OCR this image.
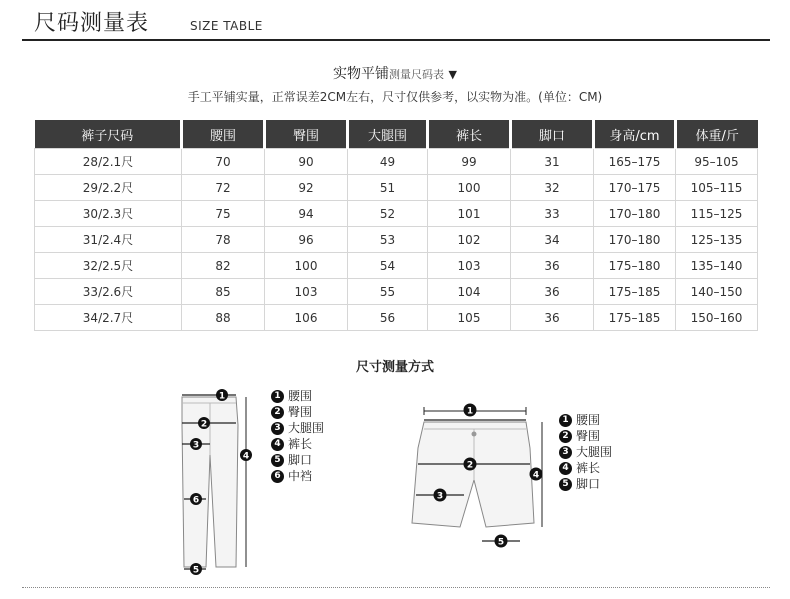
尺码测量表	SIZE TABLE
实物平铺测量尺码表 ▼
手工平铺实量，正常误差2CM左右，尺寸仅供参考，以实物为准。(单位：CM)
裤子尺码	腰围	臀围	大腿围	裤长	脚口	身高/cm	体重/斤
28/2.1尺	70	90	49	99	31	165–175	95–105
29/2.2尺	72	92	51	100	32	170–175	105–115
30/2.3尺	75	94	52	101	33	170–180	115–125
31/2.4尺	78	96	53	102	34	170–180	125–135
32/2.5尺	82	100	54	103	36	175–180	135–140
33/2.6尺	85	103	55	104	36	175–185	140–150
34/2.7尺	88	106	56	105	36	175–185	150–160
尺寸测量方式
1
2
3
4
5
6
1 腰围
2 臀围
3 大腿围
4 裤长
5 脚口
6 中裆
1
2
3
4
5
1 腰围
2 臀围
3 大腿围
4 裤长
5 脚口
